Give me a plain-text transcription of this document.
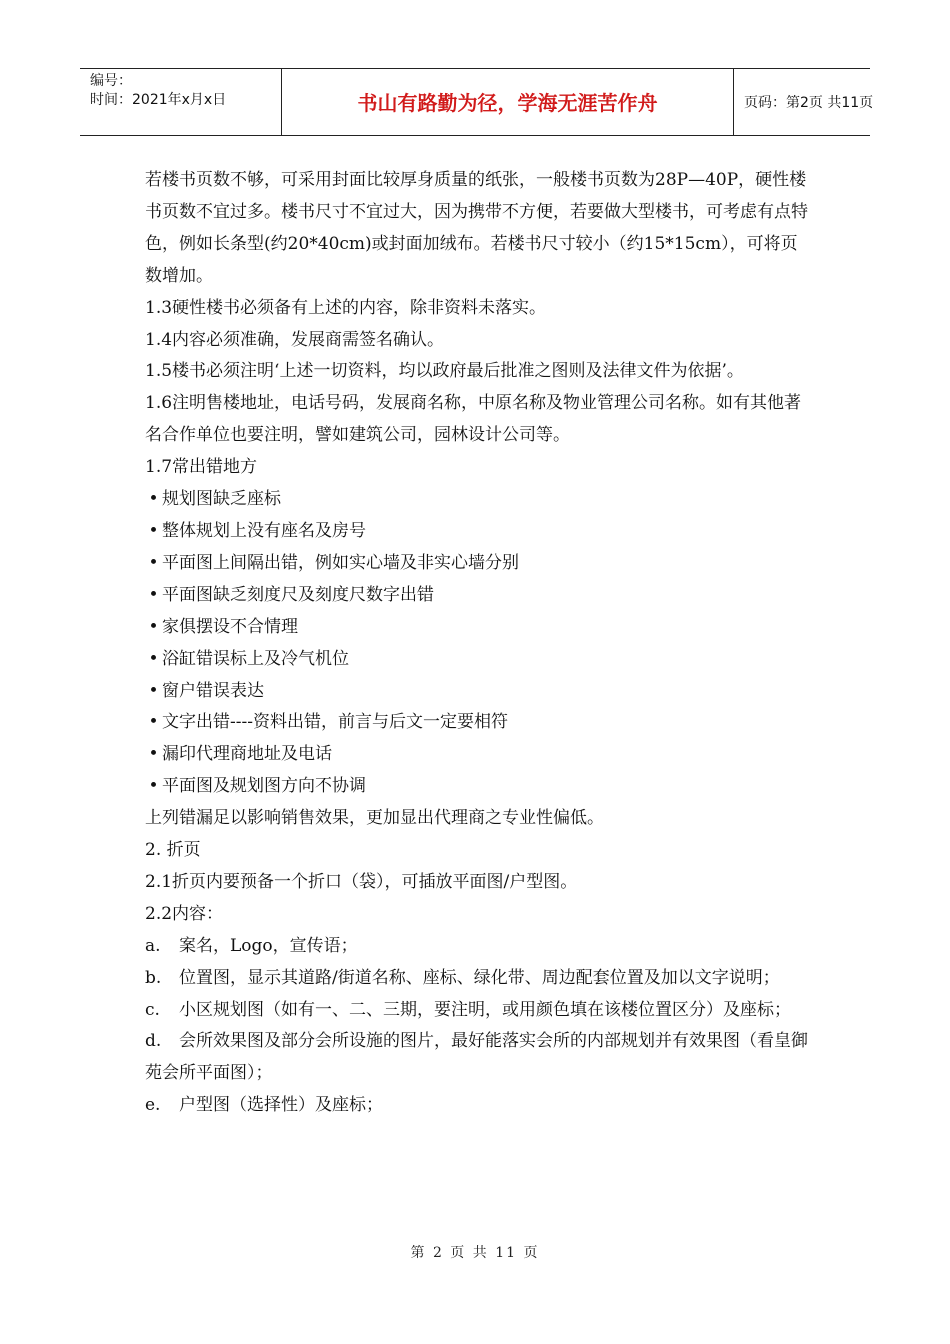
编号：
时间：2021年x月x日	书山有路勤为径，学海无涯苦作舟	页码：第2页 共11页

若楼书页数不够，可采用封面比较厚身质量的纸张，一般楼书页数为28P—40P，硬性楼书页数不宜过多。楼书尺寸不宜过大，因为携带不方便，若要做大型楼书，可考虑有点特色，例如长条型(约20*40cm)或封面加绒布。若楼书尺寸较小（约15*15cm），可将页数增加。

1.3硬性楼书必须备有上述的内容，除非资料未落实。

1.4内容必须准确，发展商需签名确认。

1.5楼书必须注明‘上述一切资料，均以政府最后批准之图则及法律文件为依据’。

1.6注明售楼地址，电话号码，发展商名称，中原名称及物业管理公司名称。如有其他著名合作单位也要注明，譬如建筑公司，园林设计公司等。

1.7常出错地方

• 规划图缺乏座标

• 整体规划上没有座名及房号

• 平面图上间隔出错，例如实心墙及非实心墙分别

• 平面图缺乏刻度尺及刻度尺数字出错

• 家俱摆设不合情理

• 浴缸错误标上及冷气机位

• 窗户错误表达

• 文字出错----资料出错，前言与后文一定要相符

• 漏印代理商地址及电话

• 平面图及规划图方向不协调

上列错漏足以影响销售效果，更加显出代理商之专业性偏低。

2. 折页

2.1折页内要预备一个折口（袋），可插放平面图/户型图。

2.2内容：

a. 案名，Logo，宣传语；

b. 位置图，显示其道路/街道名称、座标、绿化带、周边配套位置及加以文字说明；

c. 小区规划图（如有一、二、三期，要注明，或用颜色填在该楼位置区分）及座标；

d. 会所效果图及部分会所设施的图片，最好能落实会所的内部规划并有效果图（看皇御苑会所平面图）；

e. 户型图（选择性）及座标；

第 2 页 共 11 页
